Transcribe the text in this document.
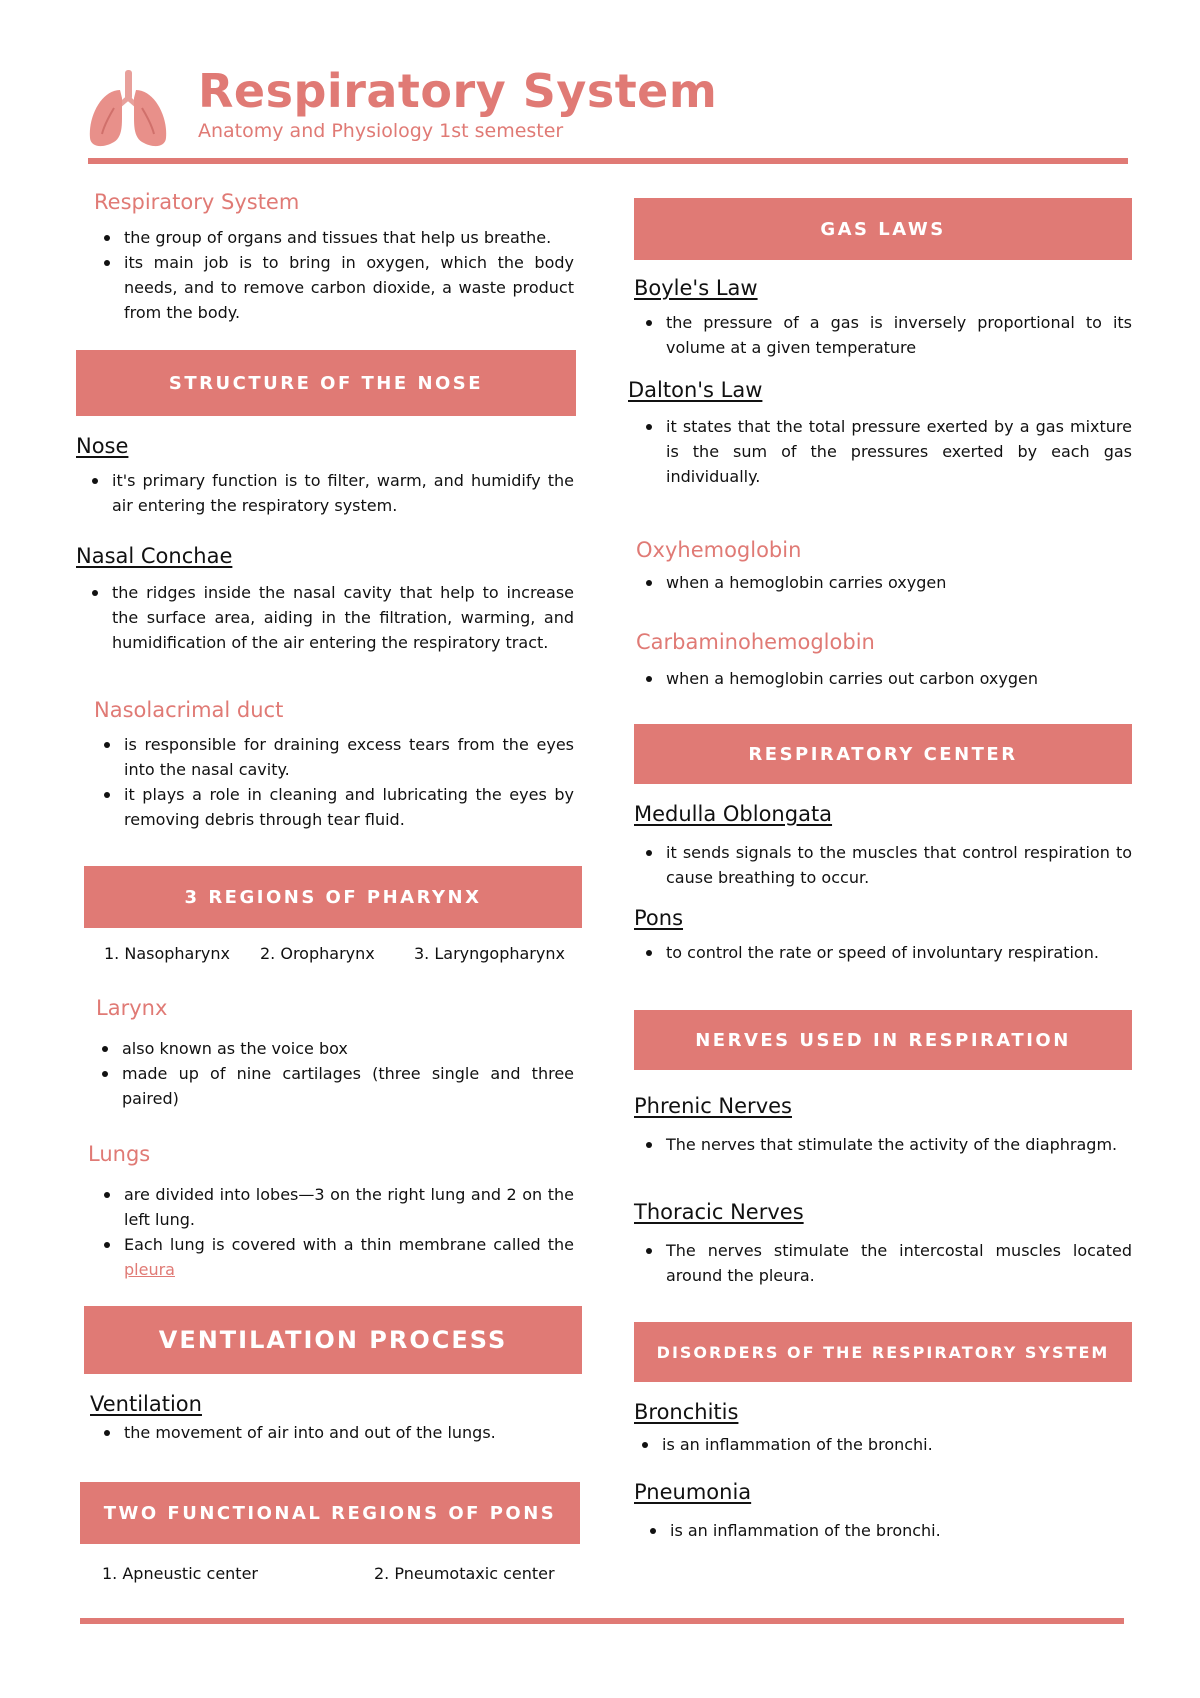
Respiratory System
Anatomy and Physiology 1st semester
Respiratory System
the group of organs and tissues that help us breathe.
its main job is to bring in oxygen, which the body needs, and to remove carbon dioxide, a waste product from the body.
STRUCTURE OF THE NOSE
Nose
it's primary function is to filter, warm, and humidify the air entering the respiratory system.
Nasal Conchae
the ridges inside the nasal cavity that help to increase the surface area, aiding in the filtration, warming, and humidification of the air entering the respiratory tract.
Nasolacrimal duct
is responsible for draining excess tears from the eyes into the nasal cavity.
it plays a role in cleaning and lubricating the eyes by removing debris through tear fluid.
3 REGIONS OF PHARYNX
1. Nasopharynx 2. Oropharynx 3. Laryngopharynx
Larynx
also known as the voice box
made up of nine cartilages (three single and three paired)
Lungs
are divided into lobes—3 on the right lung and 2 on the left lung.
Each lung is covered with a thin membrane called the pleura
VENTILATION PROCESS
Ventilation
the movement of air into and out of the lungs.
TWO FUNCTIONAL REGIONS OF PONS
1. Apneustic center	2. Pneumotaxic center
GAS LAWS
Boyle's Law
the pressure of a gas is inversely proportional to its volume at a given temperature
Dalton's Law
it states that the total pressure exerted by a gas mixture is the sum of the pressures exerted by each gas individually.
Oxyhemoglobin
when a hemoglobin carries oxygen
Carbaminohemoglobin
when a hemoglobin carries out carbon oxygen
RESPIRATORY CENTER
Medulla Oblongata
it sends signals to the muscles that control respiration to cause breathing to occur.
Pons
to control the rate or speed of involuntary respiration.
NERVES USED IN RESPIRATION
Phrenic Nerves
The nerves that stimulate the activity of the diaphragm.
Thoracic Nerves
The nerves stimulate the intercostal muscles located around the pleura.
DISORDERS OF THE RESPIRATORY SYSTEM
Bronchitis
is an inflammation of the bronchi.
Pneumonia
is an inflammation of the bronchi.
